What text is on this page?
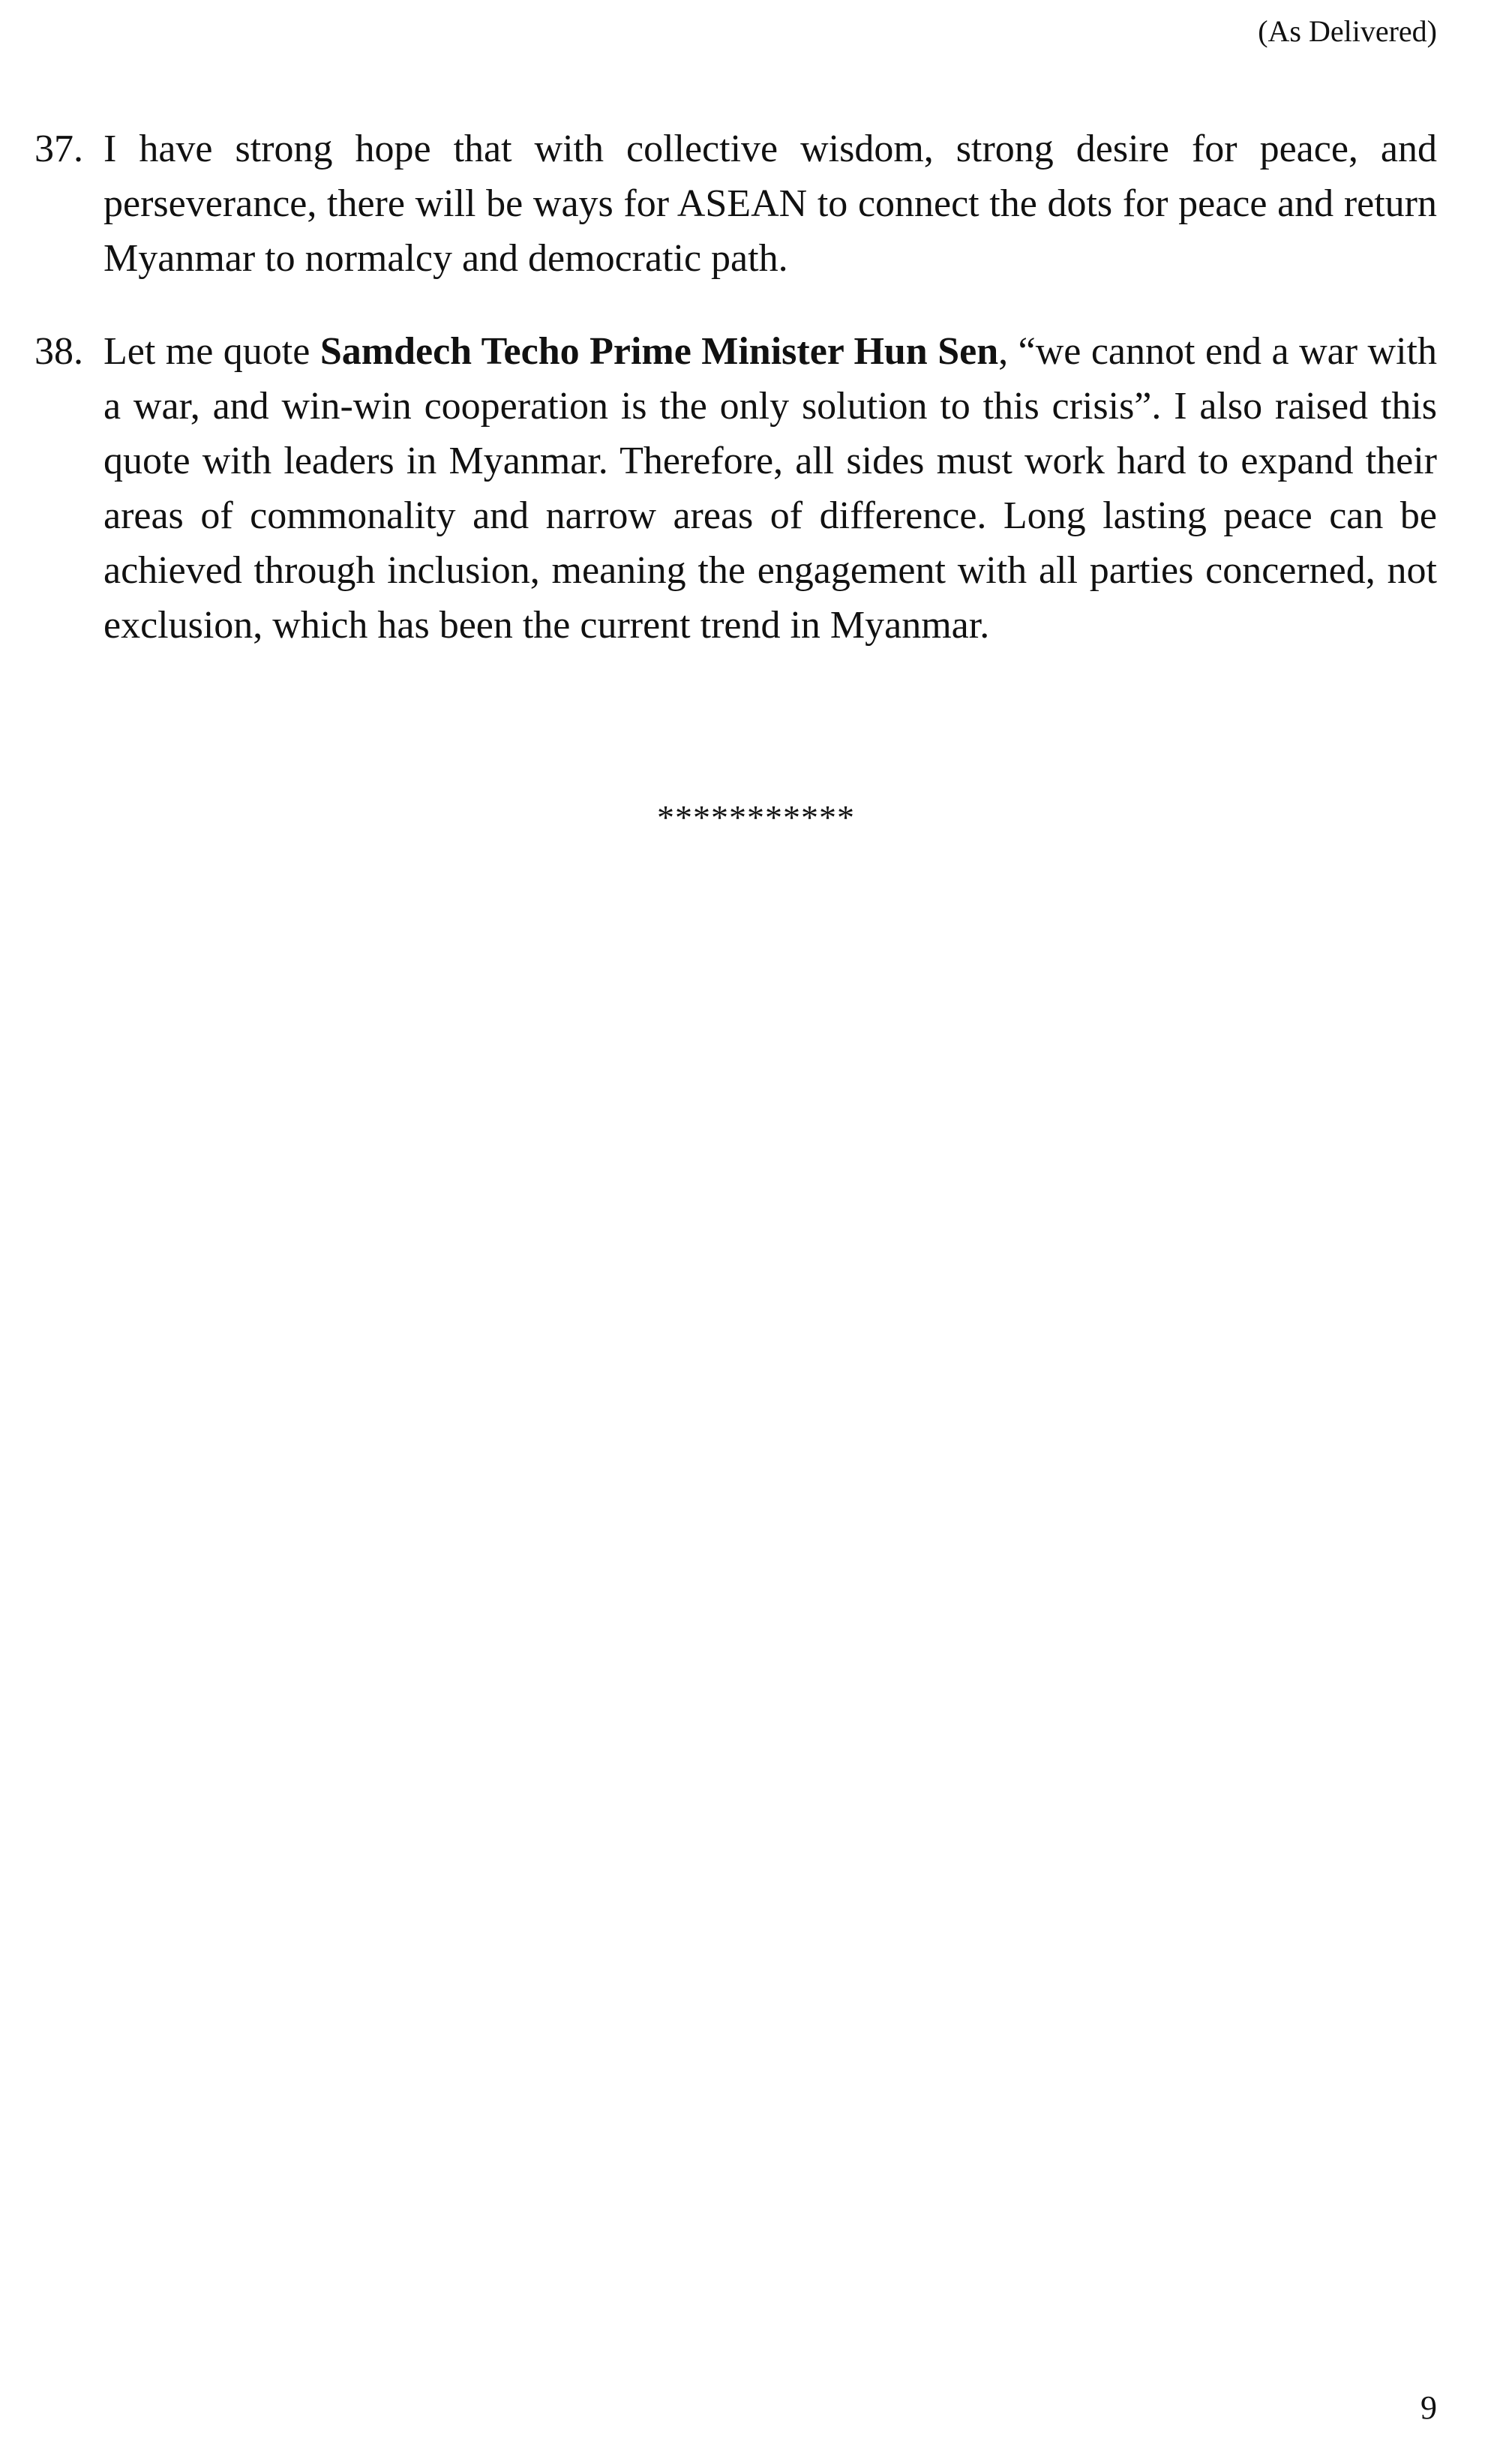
(As Delivered)
37. I have strong hope that with collective wisdom, strong desire for peace, and perseverance, there will be ways for ASEAN to connect the dots for peace and return Myanmar to normalcy and democratic path.
38. Let me quote Samdech Techo Prime Minister Hun Sen, “we cannot end a war with a war, and win-win cooperation is the only solution to this crisis”. I also raised this quote with leaders in Myanmar. Therefore, all sides must work hard to expand their areas of commonality and narrow areas of difference. Long lasting peace can be achieved through inclusion, meaning the engagement with all parties concerned, not exclusion, which has been the current trend in Myanmar.
***********
9
